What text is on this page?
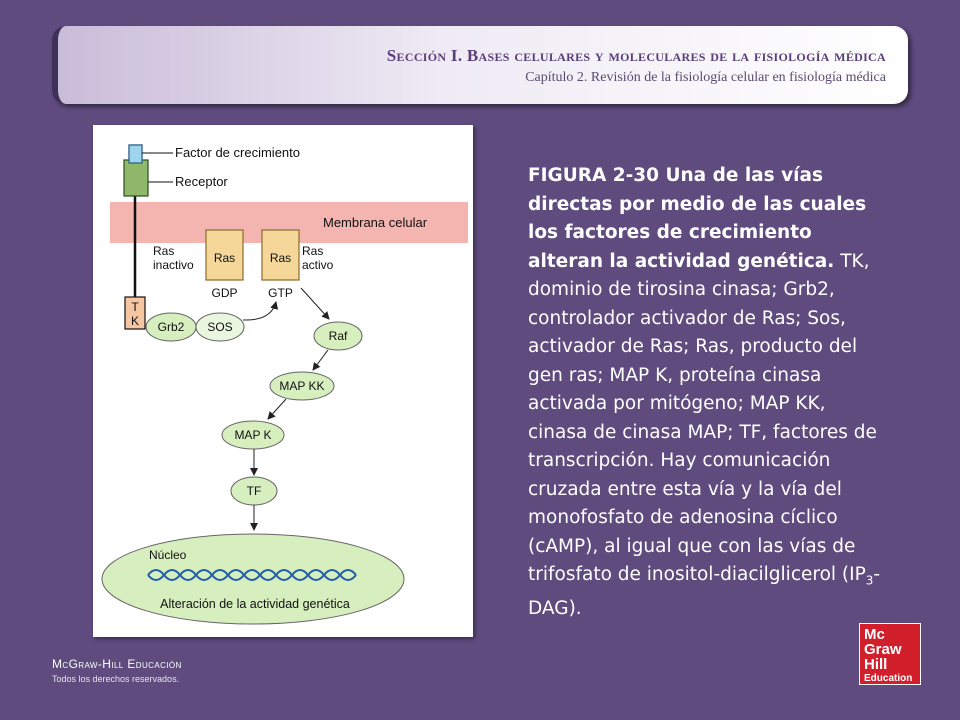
Sección I. Bases celulares y moleculares de la fisiología médica
Capítulo 2. Revisión de la fisiología celular en fisiología médica
Membrana celular
Factor de crecimiento
Receptor
T
K
Ras
inactivo Ras	Ras Ras
activo
GDP	GTP
Grb2 SOS
Raf
MAP KK
MAP K
TF
Núcleo
Alteración de la actividad genética
FIGURA 2-30 Una de las vías directas por medio de las cuales los factores de crecimiento alteran la actividad genética. TK, dominio de tirosina cinasa; Grb2, controlador activador de Ras; Sos, activador de Ras; Ras, producto del gen ras; MAP K, proteína cinasa activada por mitógeno; MAP KK, cinasa de cinasa MAP; TF, factores de transcripción. Hay comunicación cruzada entre esta vía y la vía del monofosfato de adenosina cíclico (cAMP), al igual que con las vías de trifosfato de inositol-diacilglicerol $(IP_3-DAG)$.
McGraw-Hill Educación
Todos los derechos reservados.
Mc
Graw
Hill
Education
